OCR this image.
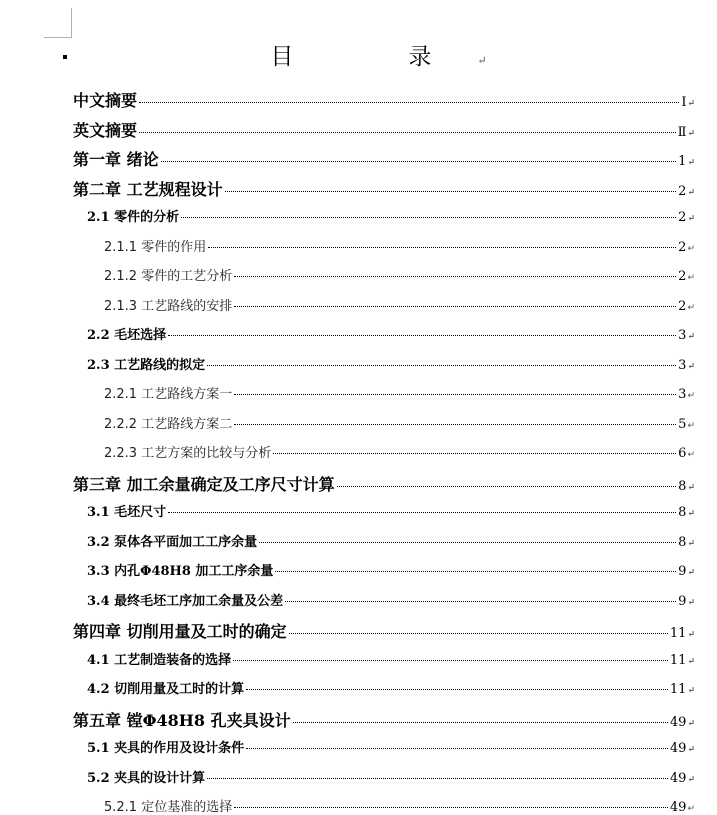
目　录↵
中文摘要	Ⅰ ↵
英文摘要	Ⅱ ↵
第一章 绪论	1 ↵
第二章 工艺规程设计	2 ↵
2.1 零件的分析	2 ↵
2.1.1 零件的作用	2 ↵
2.1.2 零件的工艺分析	2 ↵
2.1.3 工艺路线的安排	2 ↵
2.2 毛坯选择	3 ↵
2.3 工艺路线的拟定	3 ↵
2.2.1 工艺路线方案一	3 ↵
2.2.2 工艺路线方案二	5 ↵
2.2.3 工艺方案的比较与分析	6 ↵
第三章 加工余量确定及工序尺寸计算	8 ↵
3.1 毛坯尺寸	8 ↵
3.2 泵体各平面加工工序余量	8 ↵
3.3 内孔Φ48H8 加工工序余量	9 ↵
3.4 最终毛坯工序加工余量及公差	9 ↵
第四章 切削用量及工时的确定	11 ↵
4.1 工艺制造装备的选择	11 ↵
4.2 切削用量及工时的计算	11 ↵
第五章 镗Φ48H8 孔夹具设计	49 ↵
5.1 夹具的作用及设计条件	49 ↵
5.2 夹具的设计计算	49 ↵
5.2.1 定位基准的选择	49 ↵
